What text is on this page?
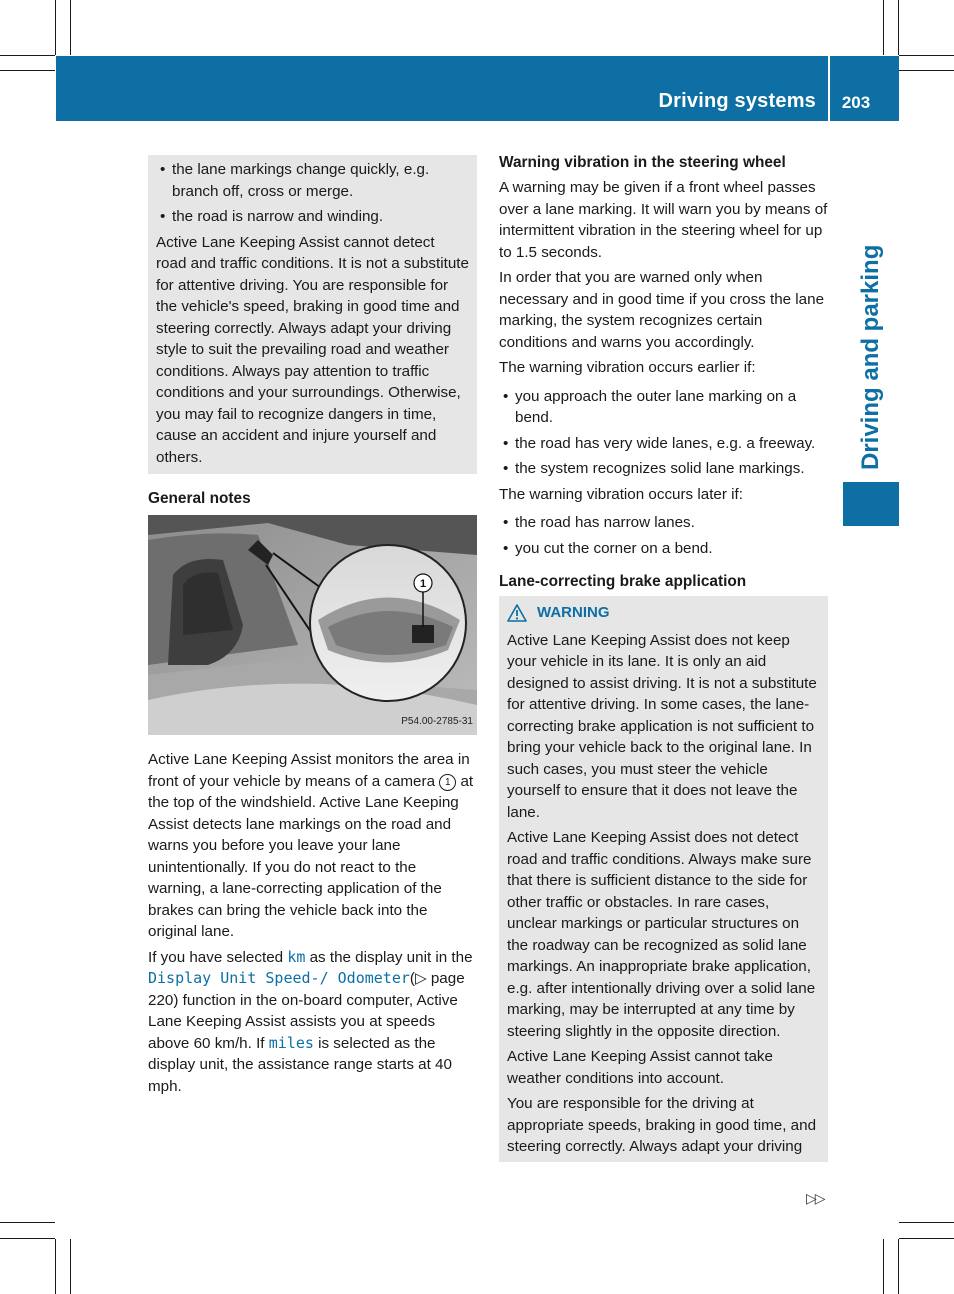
Driving systems	203
Driving and parking
• the lane markings change quickly, e.g. branch off, cross or merge.
• the road is narrow and winding.

Active Lane Keeping Assist cannot detect road and traffic conditions. It is not a substitute for attentive driving. You are responsible for the vehicle's speed, braking in good time and steering correctly. Always adapt your driving style to suit the prevailing road and weather conditions. Always pay attention to traffic conditions and your surroundings. Otherwise, you may fail to recognize dangers in time, cause an accident and injure yourself and others.

General notes
1
P54.00-2785-31

Active Lane Keeping Assist monitors the area in front of your vehicle by means of a camera 1 at the top of the windshield. Active Lane Keeping Assist detects lane markings on the road and warns you before you leave your lane unintentionally. If you do not react to the warning, a lane-correcting application of the brakes can bring the vehicle back into the original lane.

If you have selected km as the display unit in the Display Unit Speed-/ Odometer(▷ page 220) function in the on-board computer, Active Lane Keeping Assist assists you at speeds above 60 km/h. If miles is selected as the display unit, the assistance range starts at 40 mph.

Warning vibration in the steering wheel

A warning may be given if a front wheel passes over a lane marking. It will warn you by means of intermittent vibration in the steering wheel for up to 1.5 seconds.

In order that you are warned only when necessary and in good time if you cross the lane marking, the system recognizes certain conditions and warns you accordingly.

The warning vibration occurs earlier if:

• you approach the outer lane marking on a bend.
• the road has very wide lanes, e.g. a freeway.
• the system recognizes solid lane markings.

The warning vibration occurs later if:

• the road has narrow lanes.
• you cut the corner on a bend.
Lane-correcting brake application
WARNING

Active Lane Keeping Assist does not keep your vehicle in its lane. It is only an aid designed to assist driving. It is not a substitute for attentive driving. In some cases, the lane-correcting brake application is not sufficient to bring your vehicle back to the original lane. In such cases, you must steer the vehicle yourself to ensure that it does not leave the lane.

Active Lane Keeping Assist does not detect road and traffic conditions. Always make sure that there is sufficient distance to the side for other traffic or obstacles. In rare cases, unclear markings or particular structures on the roadway can be recognized as solid lane markings. An inappropriate brake application, e.g. after intentionally driving over a solid lane marking, may be interrupted at any time by steering slightly in the opposite direction.

Active Lane Keeping Assist cannot take weather conditions into account.

You are responsible for the driving at appropriate speeds, braking in good time, and steering correctly. Always adapt your driving

▷▷
